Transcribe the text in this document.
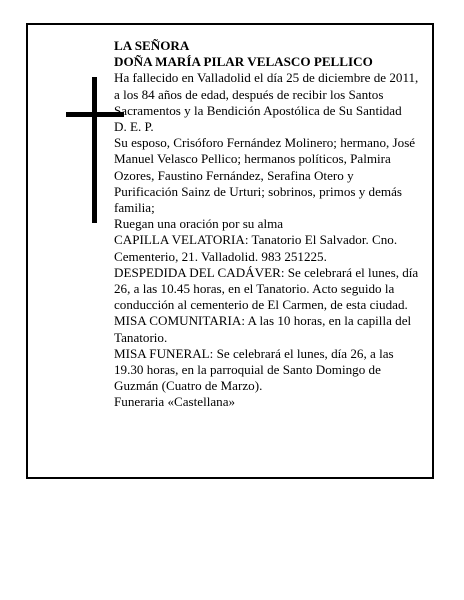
LA SEÑORA
DOÑA MARÍA PILAR VELASCO PELLICO
Ha fallecido en Valladolid el día 25 de diciembre de 2011, a los 84 años de edad, después de recibir los Santos Sacramentos y la Bendición Apostólica de Su Santidad
D. E. P.
Su esposo, Crisóforo Fernández Molinero; hermano, José Manuel Velasco Pellico; hermanos políticos, Palmira Ozores, Faustino Fernández, Serafina Otero y Purificación Sainz de Urturi; sobrinos, primos y demás familia;
Ruegan una oración por su alma
CAPILLA VELATORIA: Tanatorio El Salvador. Cno. Cementerio, 21. Valladolid. 983 251225.
DESPEDIDA DEL CADÁVER: Se celebrará el lunes, día 26, a las 10.45 horas, en el Tanatorio. Acto seguido la conducción al cementerio de El Carmen, de esta ciudad.
MISA COMUNITARIA: A las 10 horas, en la capilla del Tanatorio.
MISA FUNERAL: Se celebrará el lunes, día 26, a las 19.30 horas, en la parroquial de Santo Domingo de Guzmán (Cuatro de Marzo).
Funeraria «Castellana»
